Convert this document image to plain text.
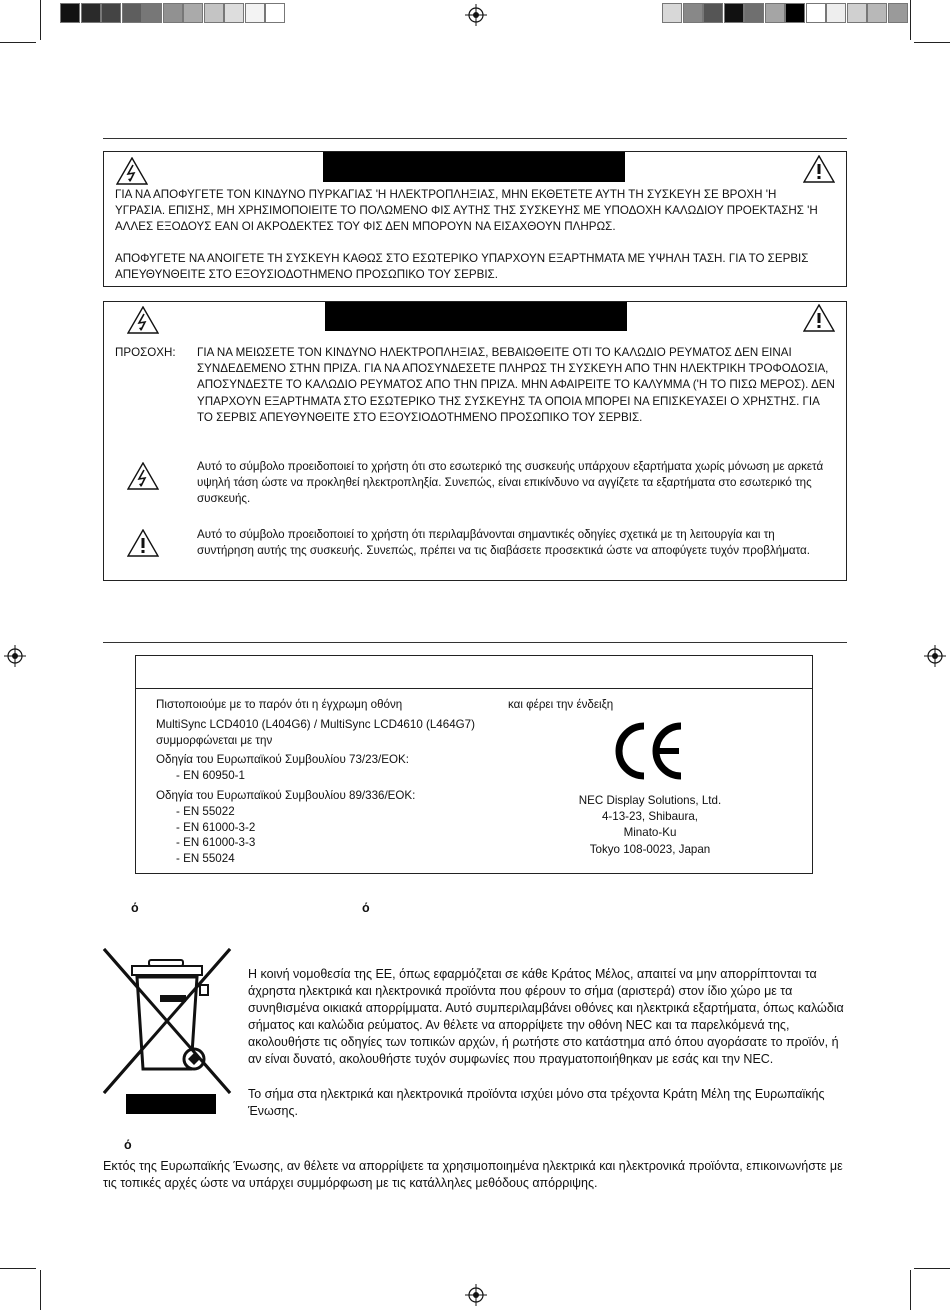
ΓΙΑ ΝΑ ΑΠΟΦΥΓΕΤΕ ΤΟΝ ΚΙΝΔΥΝΟ ΠΥΡΚΑΓΙΑΣ 'Η ΗΛΕΚΤΡΟΠΛΗΞΙΑΣ, ΜΗΝ ΕΚΘΕΤΕΤΕ ΑΥΤΗ ΤΗ ΣΥΣΚΕΥΗ ΣΕ ΒΡΟΧΗ 'Η ΥΓΡΑΣΙΑ. ΕΠΙΣΗΣ, ΜΗ ΧΡΗΣΙΜΟΠΟΙΕΙΤΕ ΤΟ ΠΟΛΩΜΕΝΟ ΦΙΣ ΑΥΤΗΣ ΤΗΣ ΣΥΣΚΕΥΗΣ ΜΕ ΥΠΟΔΟΧΗ ΚΑΛΩΔΙΟΥ ΠΡΟΕΚΤΑΣΗΣ 'Η ΑΛΛΕΣ ΕΞΟΔΟΥΣ ΕΑΝ ΟΙ ΑΚΡΟΔΕΚΤΕΣ ΤΟΥ ΦΙΣ ΔΕΝ ΜΠΟΡΟΥΝ ΝΑ ΕΙΣΑΧΘΟΥΝ ΠΛΗΡΩΣ.

ΑΠΟΦΥΓΕΤΕ ΝΑ ΑΝΟΙΓΕΤΕ ΤΗ ΣΥΣΚΕΥΗ ΚΑΘΩΣ ΣΤΟ ΕΣΩΤΕΡΙΚΟ ΥΠΑΡΧΟΥΝ ΕΞΑΡΤΗΜΑΤΑ ΜΕ ΥΨΗΛΗ ΤΑΣΗ. ΓΙΑ ΤΟ ΣΕΡΒΙΣ ΑΠΕΥΘΥΝΘΕΙΤΕ ΣΤΟ ΕΞΟΥΣΙΟΔΟΤΗΜΕΝΟ ΠΡΟΣΩΠΙΚΟ ΤΟΥ ΣΕΡΒΙΣ.

ΠΡΟΣΟΧΗ: ΓΙΑ ΝΑ ΜΕΙΩΣΕΤΕ ΤΟΝ ΚΙΝΔΥΝΟ ΗΛΕΚΤΡΟΠΛΗΞΙΑΣ, ΒΕΒΑΙΩΘΕΙΤΕ ΟΤΙ ΤΟ ΚΑΛΩΔΙΟ ΡΕΥΜΑΤΟΣ ΔΕΝ ΕΙΝΑΙ ΣΥΝΔΕΔΕΜΕΝΟ ΣΤΗΝ ΠΡΙΖΑ. ΓΙΑ ΝΑ ΑΠΟΣΥΝΔΕΣΕΤΕ ΠΛΗΡΩΣ ΤΗ ΣΥΣΚΕΥΗ ΑΠΟ ΤΗΝ ΗΛΕΚΤΡΙΚΗ ΤΡΟΦΟΔΟΣΙΑ, ΑΠΟΣΥΝΔΕΣΤΕ ΤΟ ΚΑΛΩΔΙΟ ΡΕΥΜΑΤΟΣ ΑΠΟ ΤΗΝ ΠΡΙΖΑ. ΜΗΝ ΑΦΑΙΡΕΙΤΕ ΤΟ ΚΑΛΥΜΜΑ ('Η ΤΟ ΠΙΣΩ ΜΕΡΟΣ). ΔΕΝ ΥΠΑΡΧΟΥΝ ΕΞΑΡΤΗΜΑΤΑ ΣΤΟ ΕΣΩΤΕΡΙΚΟ ΤΗΣ ΣΥΣΚΕΥΗΣ ΤΑ ΟΠΟΙΑ ΜΠΟΡΕΙ ΝΑ ΕΠΙΣΚΕΥΑΣΕΙ Ο ΧΡΗΣΤΗΣ. ΓΙΑ ΤΟ ΣΕΡΒΙΣ ΑΠΕΥΘΥΝΘΕΙΤΕ ΣΤΟ ΕΞΟΥΣΙΟΔΟΤΗΜΕΝΟ ΠΡΟΣΩΠΙΚΟ ΤΟΥ ΣΕΡΒΙΣ.

Αυτό το σύμβολο προειδοποιεί το χρήστη ότι στο εσωτερικό της συσκευής υπάρχουν εξαρτήματα χωρίς μόνωση με αρκετά υψηλή τάση ώστε να προκληθεί ηλεκτροπληξία. Συνεπώς, είναι επικίνδυνο να αγγίζετε τα εξαρτήματα στο εσωτερικό της συσκευής.

Αυτό το σύμβολο προειδοποιεί το χρήστη ότι περιλαμβάνονται σημαντικές οδηγίες σχετικά με τη λειτουργία και τη συντήρηση αυτής της συσκευής. Συνεπώς, πρέπει να τις διαβάσετε προσεκτικά ώστε να αποφύγετε τυχόν προβλήματα.

Πιστοποιούμε με το παρόν ότι η έγχρωμη οθόνη

MultiSync LCD4010 (L404G6) / MultiSync LCD4610 (L464G7) συμμορφώνεται με την

Οδηγία του Ευρωπαϊκού Συμβουλίου 73/23/EOK:

- EN 60950-1

Οδηγία του Ευρωπαϊκού Συμβουλίου 89/336/EOK:

- EN 55022
- EN 61000-3-2
- EN 61000-3-3
- EN 55024
και φέρει την ένδειξη
NEC Display Solutions, Ltd.
4-13-23, Shibaura,
Minato-Ku
Tokyo 108-0023, Japan
ό	ό

Η κοινή νομοθεσία της ΕΕ, όπως εφαρμόζεται σε κάθε Κράτος Μέλος, απαιτεί να μην απορρίπτονται τα άχρηστα ηλεκτρικά και ηλεκτρονικά προϊόντα που φέρουν το σήμα (αριστερά) στον ίδιο χώρο με τα συνηθισμένα οικιακά απορρίμματα. Αυτό συμπεριλαμβάνει οθόνες και ηλεκτρικά εξαρτήματα, όπως καλώδια σήματος και καλώδια ρεύματος. Αν θέλετε να απορρίψετε την οθόνη NEC και τα παρελκόμενά της, ακολουθήστε τις οδηγίες των τοπικών αρχών, ή ρωτήστε στο κατάστημα από όπου αγοράσατε το προϊόν, ή αν είναι δυνατό, ακολουθήστε τυχόν συμφωνίες που πραγματοποιήθηκαν με εσάς και την NEC.

Το σήμα στα ηλεκτρικά και ηλεκτρονικά προϊόντα ισχύει μόνο στα τρέχοντα Κράτη Μέλη της Ευρωπαϊκής Ένωσης.

ό

Εκτός της Ευρωπαϊκής Ένωσης, αν θέλετε να απορρίψετε τα χρησιμοποιημένα ηλεκτρικά και ηλεκτρονικά προϊόντα, επικοινωνήστε με τις τοπικές αρχές ώστε να υπάρχει συμμόρφωση με τις κατάλληλες μεθόδους απόρριψης.
